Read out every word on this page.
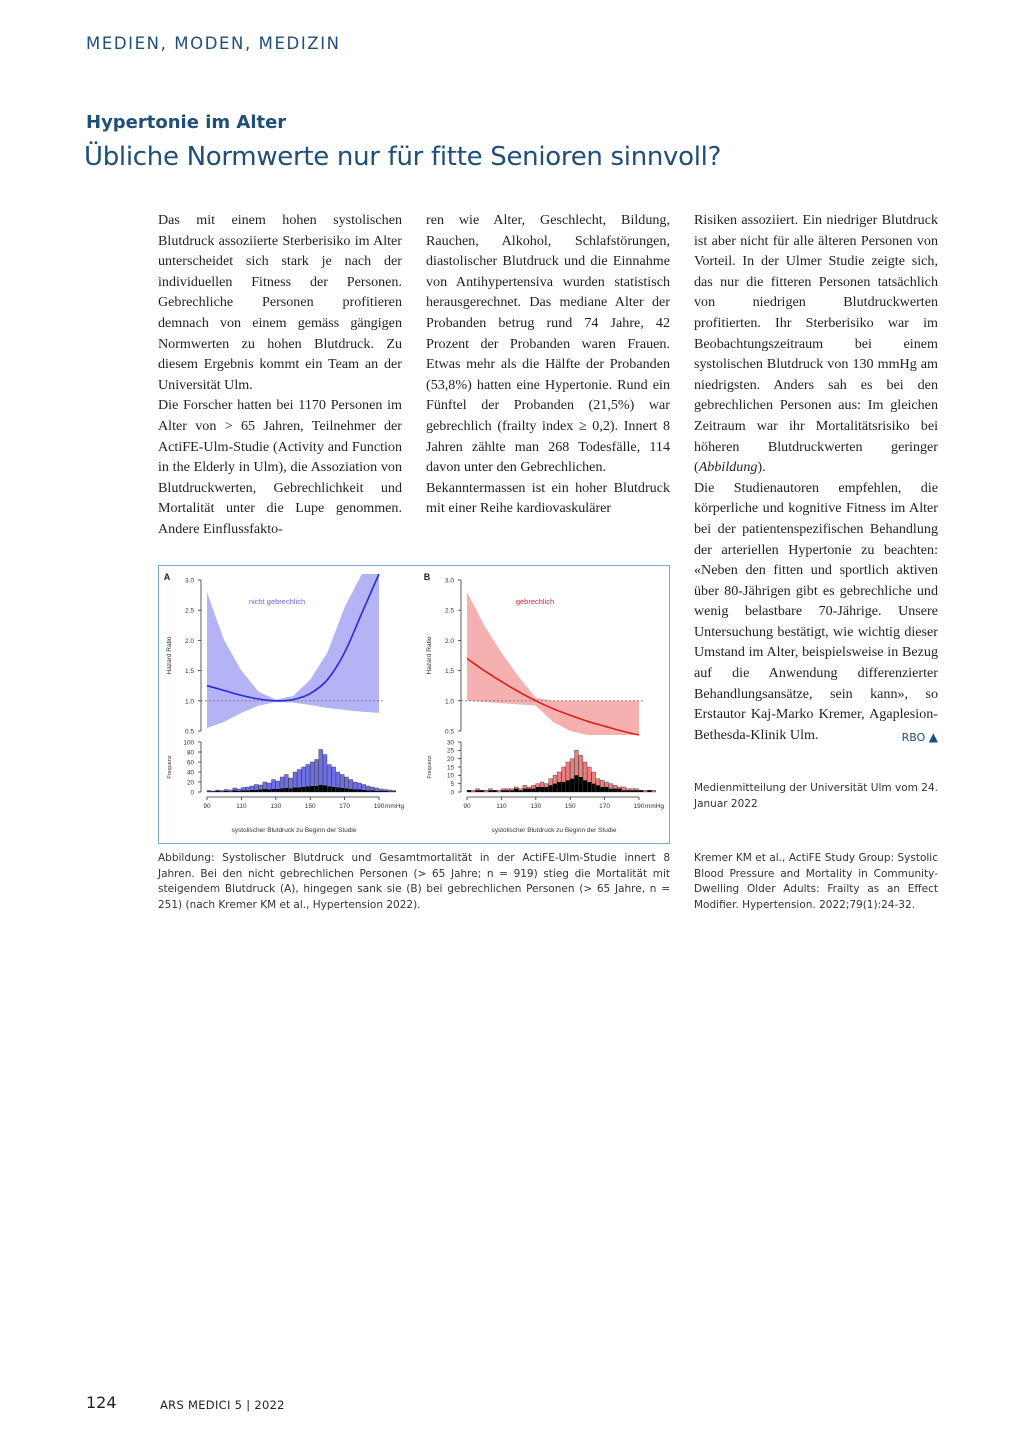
MEDIEN, MODEN, MEDIZIN
Hypertonie im Alter
Übliche Normwerte nur für fitte Senioren sinnvoll?

Das mit einem hohen systolischen Blutdruck assoziierte Sterberisiko im Alter unterscheidet sich stark je nach der individuellen Fitness der Personen. Gebrechliche Personen profitieren demnach von einem gemäss gängigen Normwerten zu hohen Blutdruck. Zu diesem Ergebnis kommt ein Team an der Universität Ulm.

Die Forscher hatten bei 1170 Personen im Alter von > 65 Jahren, Teilnehmer der ActiFE-Ulm-Studie (Activity and Function in the Elderly in Ulm), die Assoziation von Blutdruckwerten, Gebrechlichkeit und Mortalität unter die Lupe genommen. Andere Einflussfakto-

ren wie Alter, Geschlecht, Bildung, Rauchen, Alkohol, Schlafstörungen, diastolischer Blutdruck und die Einnahme von Antihypertensiva wurden statistisch herausgerechnet. Das mediane Alter der Probanden betrug rund 74 Jahre, 42 Prozent der Probanden waren Frauen. Etwas mehr als die Hälfte der Probanden (53,8%) hatten eine Hypertonie. Rund ein Fünftel der Probanden (21,5%) war gebrechlich (frailty index ≥ 0,2). Innert 8 Jahren zählte man 268 Todesfälle, 114 davon unter den Gebrechlichen.

Bekanntermassen ist ein hoher Blutdruck mit einer Reihe kardiovaskulärer

Risiken assoziiert. Ein niedriger Blutdruck ist aber nicht für alle älteren Personen von Vorteil. In der Ulmer Studie zeigte sich, das nur die fitteren Personen tatsächlich von niedrigen Blutdruckwerten profitierten. Ihr Sterberisiko war im Beobachtungszeitraum bei einem systolischen Blutdruck von 130 mmHg am niedrigsten. Anders sah es bei den gebrechlichen Personen aus: Im gleichen Zeitraum war ihr Mortalitätsrisiko bei höheren Blutdruckwerten geringer (Abbildung).

Die Studienautoren empfehlen, die körperliche und kognitive Fitness im Alter bei der patientenspezifischen Behandlung der arteriellen Hypertonie zu beachten: «Neben den fitten und sportlich aktiven über 80-Jährigen gibt es gebrechliche und wenig belastbare 70-Jährige. Unsere Untersuchung bestätigt, wie wichtig dieser Umstand im Alter, beispielsweise in Bezug auf die Anwendung differenzierter Behandlungsansätze, sein kann», so Erstautor Kaj-Marko Kremer, Agaplesion-Bethesda-Klinik Ulm.	RBO ▲

Medienmitteilung der Universität Ulm vom 24. Januar 2022

Kremer KM et al., ActiFE Study Group: Systolic Blood Pressure and Mortality in Community-Dwelling Older Adults: Frailty as an Effect Modifier. Hypertension. 2022;79(1):24-32.

A
0.5
1.0
1.5
2.0
2.5
3.0
Hazard Ratio
nicht gebrechlich
0
20
40
60
80
100
Frequenz
90	110	130	150	170	190 mmHg
systolischer Blutdruck zu Beginn der Studie
B
0.5
1.0
1.5
2.0
2.5
3.0
Hazard Ratio
gebrechlich
0
5
10
15
20
25
30
Frequenz
90	110	130	150	170	190 mmHg
systolischer Blutdruck zu Beginn der Studie
Abbildung: Systolischer Blutdruck und Gesamtmortalität in der ActiFE-Ulm-Studie innert 8 Jahren. Bei den nicht gebrechlichen Personen (> 65 Jahre; n = 919) stieg die Mortalität mit steigendem Blutdruck (A), hingegen sank sie (B) bei gebrechlichen Personen (> 65 Jahre, n = 251) (nach Kremer KM et al., Hypertension 2022).
124	ARS MEDICI 5 | 2022
